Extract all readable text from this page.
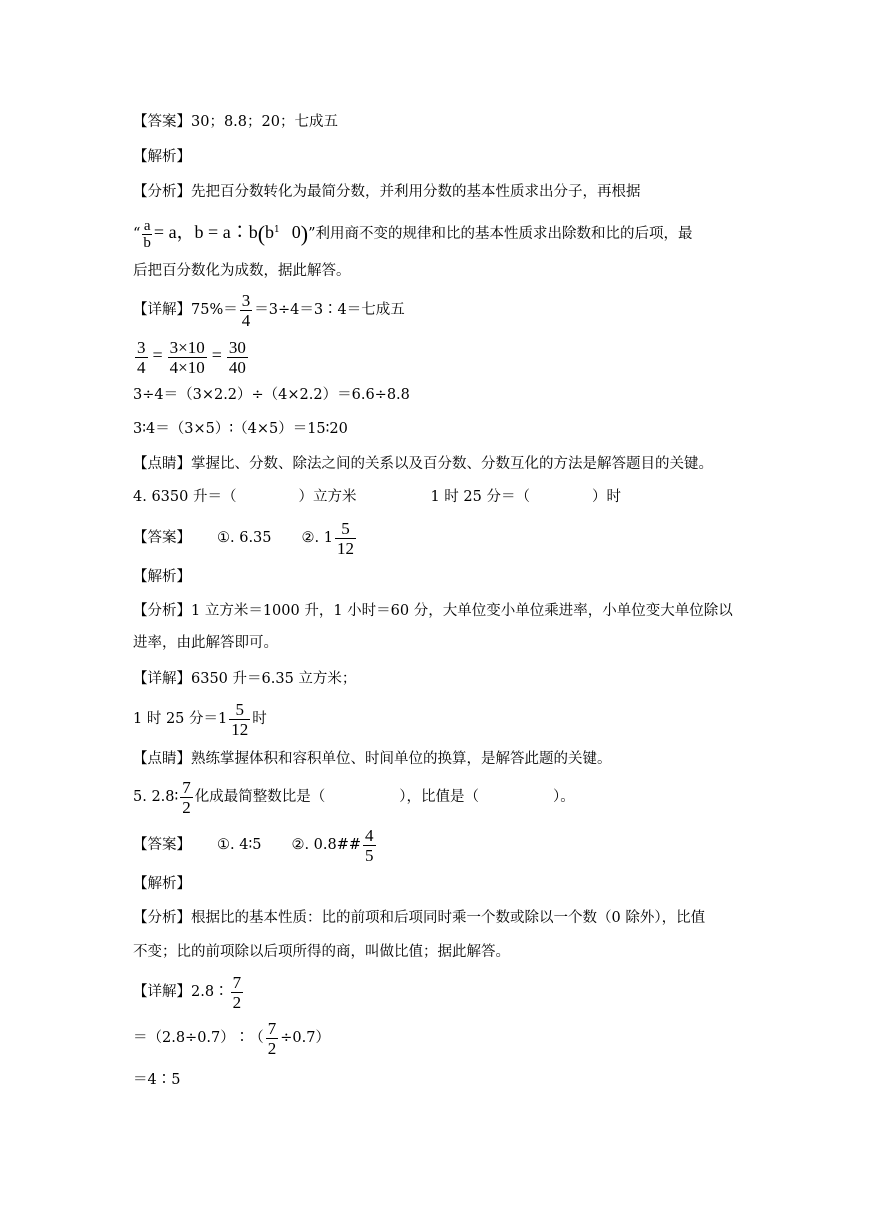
【答案】30；8.8；20；七成五
【解析】
【分析】先把百分数转化为最简分数，并利用分数的基本性质求出分子，再根据
“ $\frac{a}{b} = a$，$b = a∶b(b^1$ 0)”利用商不变的规律和比的基本性质求出除数和比的后项，最
后把百分数化为成数，据此解答。
【详解】$75\%= \frac{3}{4}$ ＝3÷4＝3∶4＝七成五
$\frac{3}{4} = \frac{3\times 10}{4\times 10} = \frac{30}{40}$
3÷4＝（3×2.2）÷（4×2.2）＝6.6÷8.8
3∶4＝（3×5）∶（4×5）＝15∶20
【点睛】掌握比、分数、除法之间的关系以及百分数、分数互化的方法是解答题目的关键。
4. 6350 升＝（	）立方米	1 时 25 分＝（	）时
【答案】 ①. 6.35 ②. $1 \frac{5}{12}$
【解析】
【分析】1 立方米＝1000 升，1 小时＝60 分，大单位变小单位乘进率，小单位变大单位除以
进率，由此解答即可。
【详解】6350 升＝6.35 立方米；
1 时 25 分$=1 \frac{5}{12}$ 时
【点睛】熟练掌握体积和容积单位、时间单位的换算，是解答此题的关键。
5. 2.8∶ $\frac{7}{2}$ 化成最简整数比是（	），比值是（	）。
【答案】 ①. 4∶5 ②. 0.8## $\frac{4}{5}$
【解析】
【分析】根据比的基本性质：比的前项和后项同时乘一个数或除以一个数（0 除外），比值
不变；比的前项除以后项所得的商，叫做比值；据此解答。
【详解】2.8∶ $\frac{7}{2}$
＝（2.8÷0.7）∶（ $\frac{7}{2} \div 0.7$）
＝4∶5
